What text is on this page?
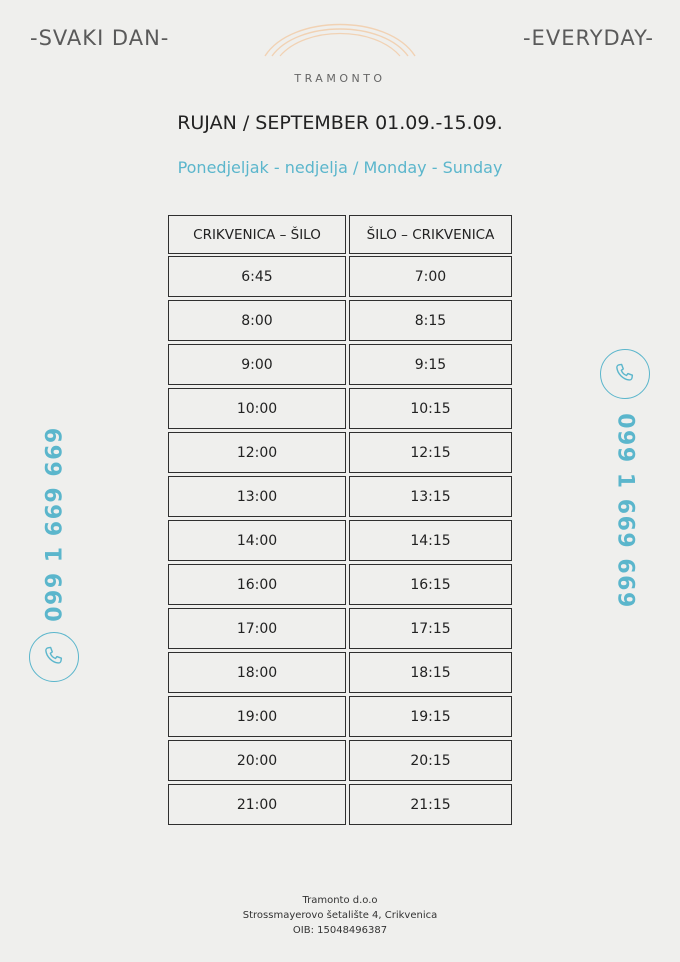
-SVAKI DAN-	-EVERYDAY-
TRAMONTO
RUJAN / SEPTEMBER 01.09.-15.09.
Ponedjeljak - nedjelja / Monday - Sunday
CRIKVENICA – ŠILO	ŠILO – CRIKVENICA
6:45	7:00
8:00	8:15
9:00	9:15
10:00	10:15
12:00	12:15
13:00	13:15
14:00	14:15
16:00	16:15
17:00	17:15
18:00	18:15
19:00	19:15
20:00	20:15
21:00	21:15
099 1 669 669	099 1 669 669
Tramonto d.o.o
Strossmayerovo šetalište 4, Crikvenica
OIB: 15048496387
